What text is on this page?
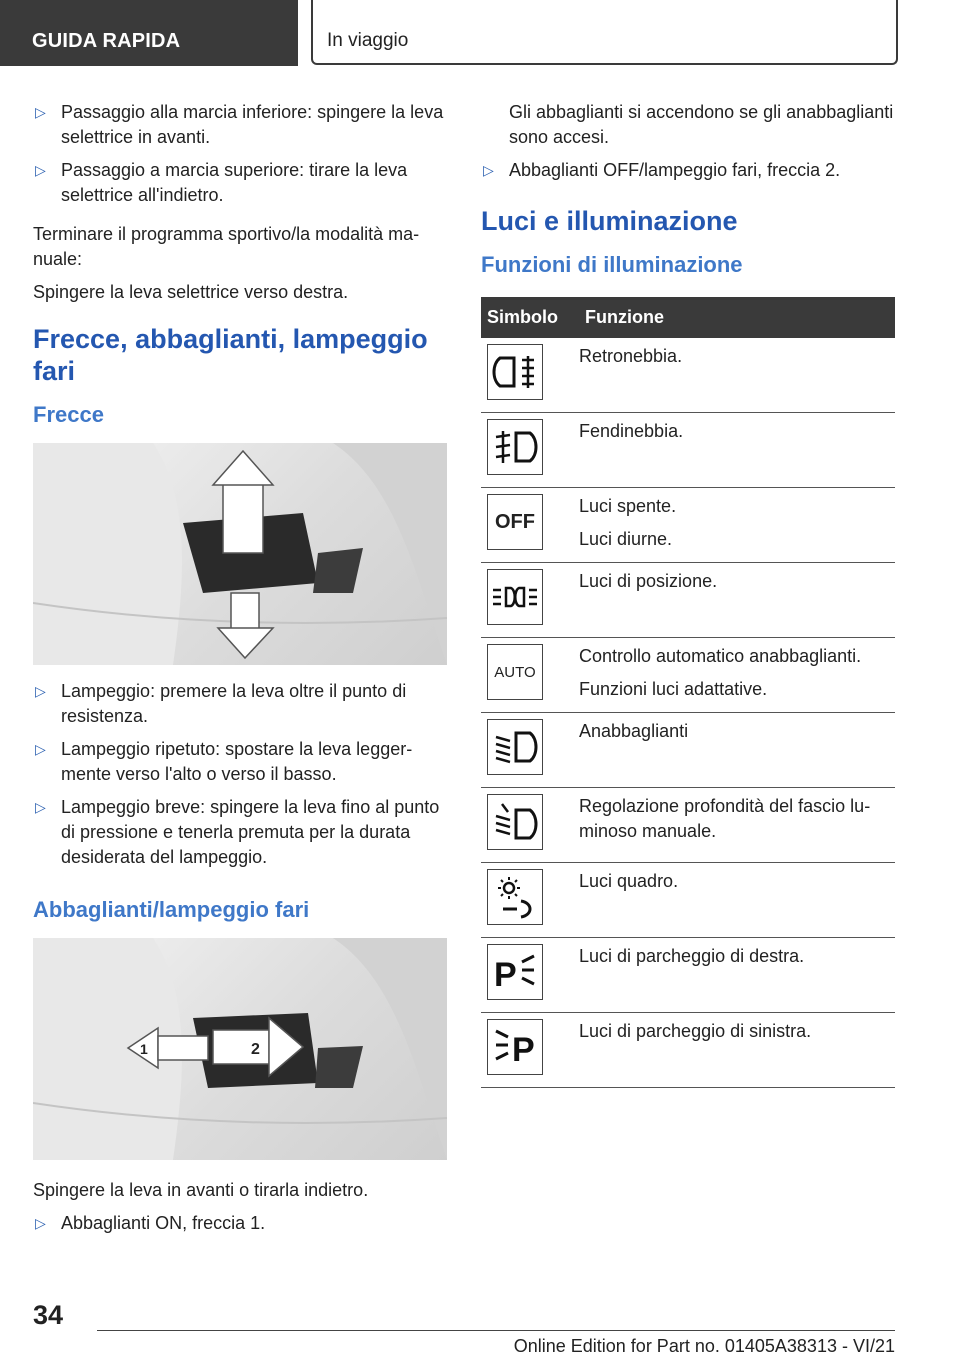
GUIDA RAPIDA	In viaggio
▷ Passaggio alla marcia inferiore: spingere la leva selettrice in avanti.
▷ Passaggio a marcia superiore: tirare la leva selettrice all'indietro.

Terminare il programma sportivo/la modalità manuale:

Spingere la leva selettrice verso destra.

Frecce, abbaglianti, lampeggio fari
Frecce
▷ Lampeggio: premere la leva oltre il punto di resistenza.
▷ Lampeggio ripetuto: spostare la leva leggermente verso l'alto o verso il basso.
▷ Lampeggio breve: spingere la leva fino al punto di pressione e tenerla premuta per la durata desiderata del lampeggio.
Abbaglianti/lampeggio fari
1	2

Spingere la leva in avanti o tirarla indietro.

▷ Abbaglianti ON, freccia 1.

Gli abbaglianti si accendono se gli anabbaglianti sono accesi.

▷ Abbaglianti OFF/lampeggio fari, freccia 2.
Luci e illuminazione
Funzioni di illuminazione
Simbolo	Funzione

Retronebbia.

Fendinebbia.

OFF	Luci spente.
Luci diurne.

Luci di posizione.

AUTO	Controllo automatico anabbaglianti.
Funzioni luci adattative.

Anabbaglianti

Regolazione profondità del fascio luminoso manuale.

Luci quadro.

P	Luci di parcheggio di destra.

P	Luci di parcheggio di sinistra.
34
Online Edition for Part no. 01405A38313 - VI/21
